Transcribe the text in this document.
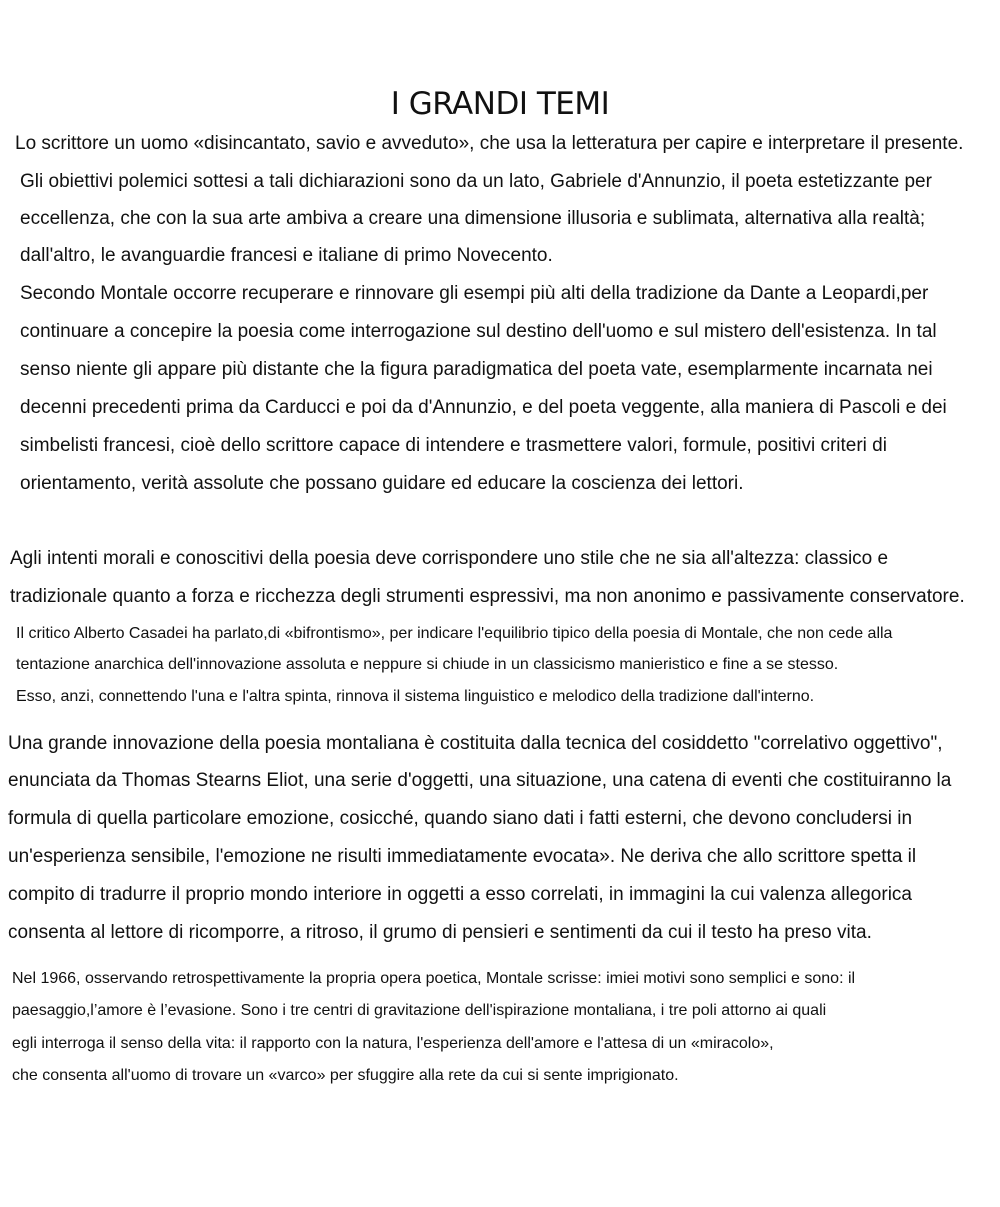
I GRANDI TEMI
Lo scrittore un uomo «disincantato, savio e avveduto», che usa la letteratura per capire e interpretare il presente.
Gli obiettivi polemici sottesi a tali dichiarazioni sono da un lato, Gabriele d'Annunzio, il poeta estetizzante per
eccellenza, che con la sua arte ambiva a creare una dimensione illusoria e sublimata, alternativa alla realtà;
dall'altro, le avanguardie francesi e italiane di primo Novecento.
Secondo Montale occorre recuperare e rinnovare gli esempi più alti della tradizione da Dante a Leopardi,per
continuare a concepire la poesia come interrogazione sul destino dell'uomo e sul mistero dell'esistenza. In tal
senso niente gli appare più distante che la figura paradigmatica del poeta vate, esemplarmente incarnata nei
decenni precedenti prima da Carducci e poi da d'Annunzio, e del poeta veggente, alla maniera di Pascoli e dei
simbelisti francesi, cioè dello scrittore capace di intendere e trasmettere valori, formule, positivi criteri di
orientamento, verità assolute che possano guidare ed educare la coscienza dei lettori.
Agli intenti morali e conoscitivi della poesia deve corrispondere uno stile che ne sia all'altezza: classico e
tradizionale quanto a forza e ricchezza degli strumenti espressivi, ma non anonimo e passivamente conservatore.
Il critico Alberto Casadei ha parlato,di «bifrontismo», per indicare l'equilibrio tipico della poesia di Montale, che non cede alla
tentazione anarchica dell'innovazione assoluta e neppure si chiude in un classicismo manieristico e fine a se stesso.
Esso, anzi, connettendo l'una e l'altra spinta, rinnova il sistema linguistico e melodico della tradizione dall'interno.
Una grande innovazione della poesia montaliana è costituita dalla tecnica del cosiddetto "correlativo oggettivo",
enunciata da Thomas Stearns Eliot, una serie d'oggetti, una situazione, una catena di eventi che costituiranno la
formula di quella particolare emozione, cosicché, quando siano dati i fatti esterni, che devono concludersi in
un'esperienza sensibile, l'emozione ne risulti immediatamente evocata». Ne deriva che allo scrittore spetta il
compito di tradurre il proprio mondo interiore in oggetti a esso correlati, in immagini la cui valenza allegorica
consenta al lettore di ricomporre, a ritroso, il grumo di pensieri e sentimenti da cui il testo ha preso vita.
Nel 1966, osservando retrospettivamente la propria opera poetica, Montale scrisse: imiei motivi sono semplici e sono: il
paesaggio,l’amore è l’evasione. Sono i tre centri di gravitazione dell'ispirazione montaliana, i tre poli attorno ai quali
egli interroga il senso della vita: il rapporto con la natura, l'esperienza dell'amore e l'attesa di un «miracolo»,
che consenta all'uomo di trovare un «varco» per sfuggire alla rete da cui si sente imprigionato.
